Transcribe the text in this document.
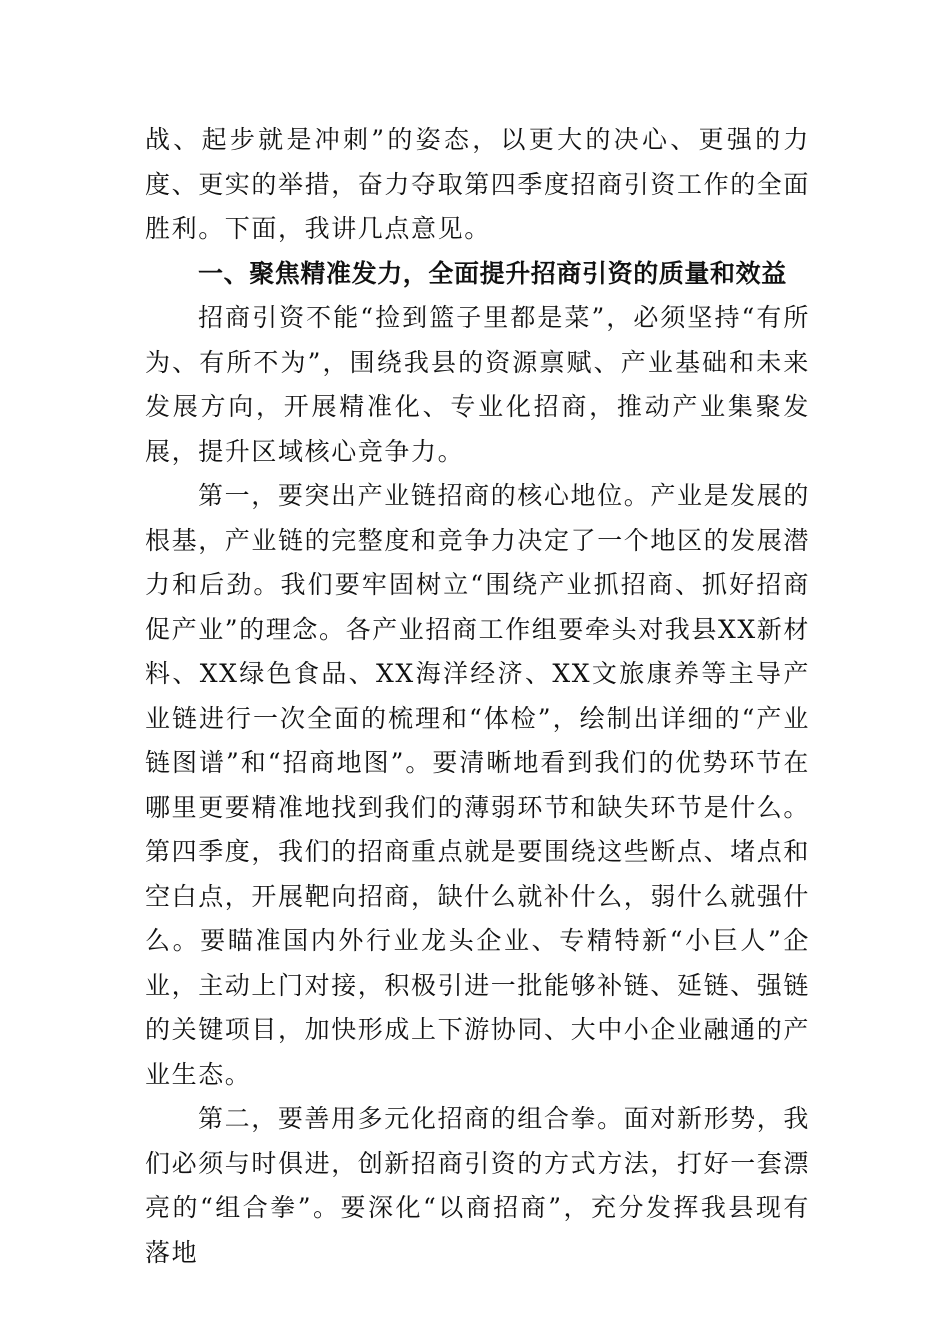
战、起步就是冲刺”的姿态，以更大的决心、更强的力度、更实的举措，奋力夺取第四季度招商引资工作的全面胜利。下面，我讲几点意见。

一、聚焦精准发力，全面提升招商引资的质量和效益

招商引资不能“捡到篮子里都是菜”，必须坚持“有所为、有所不为”，围绕我县的资源禀赋、产业基础和未来发展方向，开展精准化、专业化招商，推动产业集聚发展，提升区域核心竞争力。

第一，要突出产业链招商的核心地位。产业是发展的根基，产业链的完整度和竞争力决定了一个地区的发展潜力和后劲。我们要牢固树立“围绕产业抓招商、抓好招商促产业”的理念。各产业招商工作组要牵头对我县XX新材料、XX绿色食品、XX海洋经济、XX文旅康养等主导产业链进行一次全面的梳理和“体检”，绘制出详细的“产业链图谱”和“招商地图”。要清晰地看到我们的优势环节在哪里更要精准地找到我们的薄弱环节和缺失环节是什么。第四季度，我们的招商重点就是要围绕这些断点、堵点和空白点，开展靶向招商，缺什么就补什么，弱什么就强什么。要瞄准国内外行业龙头企业、专精特新“小巨人”企业，主动上门对接，积极引进一批能够补链、延链、强链的关键项目，加快形成上下游协同、大中小企业融通的产业生态。

第二，要善用多元化招商的组合拳。面对新形势，我们必须与时俱进，创新招商引资的方式方法，打好一套漂亮的“组合拳”。要深化“以商招商”，充分发挥我县现有落地
